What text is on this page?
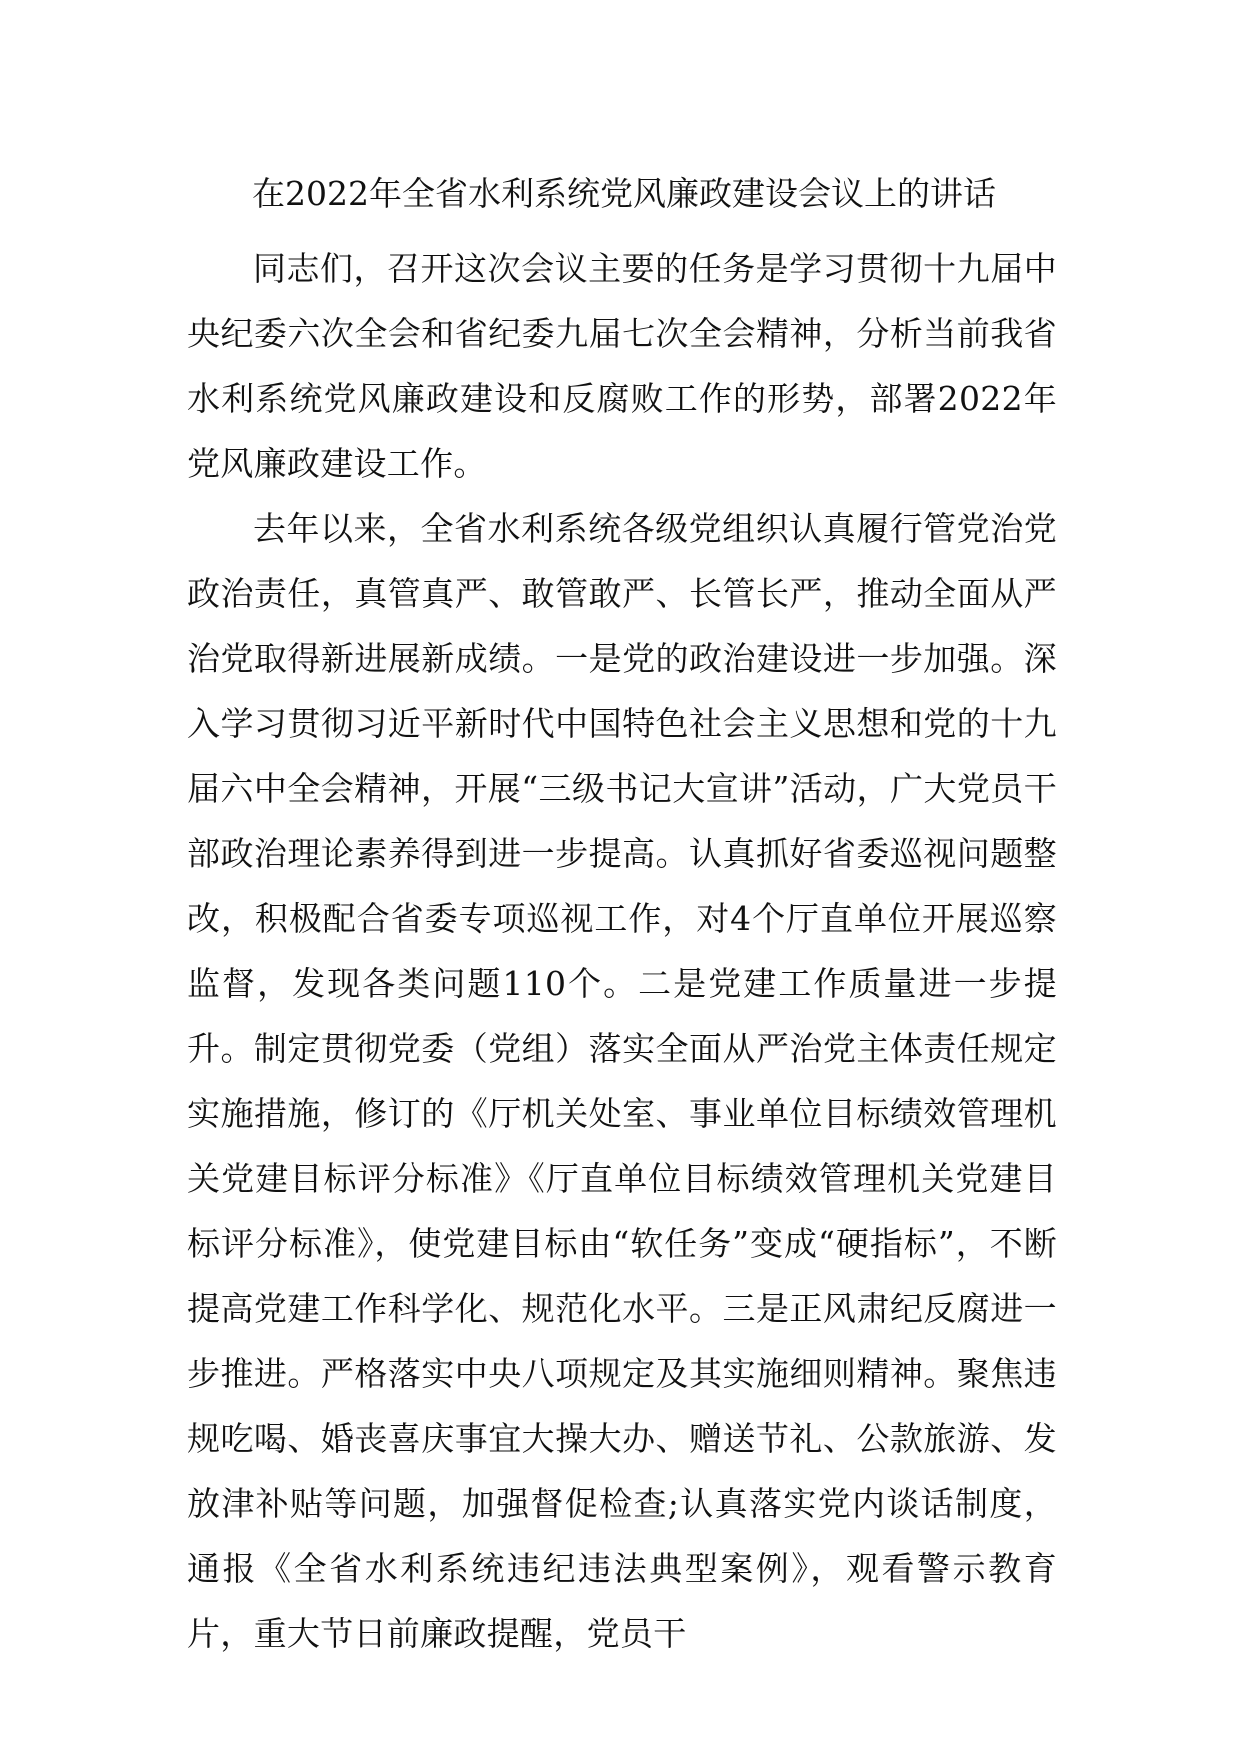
在2022年全省水利系统党风廉政建设会议上的讲话

同志们，召开这次会议主要的任务是学习贯彻十九届中央纪委六次全会和省纪委九届七次全会精神，分析当前我省水利系统党风廉政建设和反腐败工作的形势，部署2022年党风廉政建设工作。

去年以来，全省水利系统各级党组织认真履行管党治党政治责任，真管真严、敢管敢严、长管长严，推动全面从严治党取得新进展新成绩。一是党的政治建设进一步加强。深入学习贯彻习近平新时代中国特色社会主义思想和党的十九届六中全会精神，开展“三级书记大宣讲”活动，广大党员干部政治理论素养得到进一步提高。认真抓好省委巡视问题整改，积极配合省委专项巡视工作，对4个厅直单位开展巡察监督，发现各类问题110个。二是党建工作质量进一步提升。制定贯彻党委（党组）落实全面从严治党主体责任规定实施措施，修订的《厅机关处室、事业单位目标绩效管理机关党建目标评分标准》《厅直单位目标绩效管理机关党建目标评分标准》，使党建目标由“软任务”变成“硬指标”，不断提高党建工作科学化、规范化水平。三是正风肃纪反腐进一步推进。严格落实中央八项规定及其实施细则精神。聚焦违规吃喝、婚丧喜庆事宜大操大办、赠送节礼、公款旅游、发放津补贴等问题，加强督促检查;认真落实党内谈话制度，通报《全省水利系统违纪违法典型案例》，观看警示教育片，重大节日前廉政提醒，党员干
